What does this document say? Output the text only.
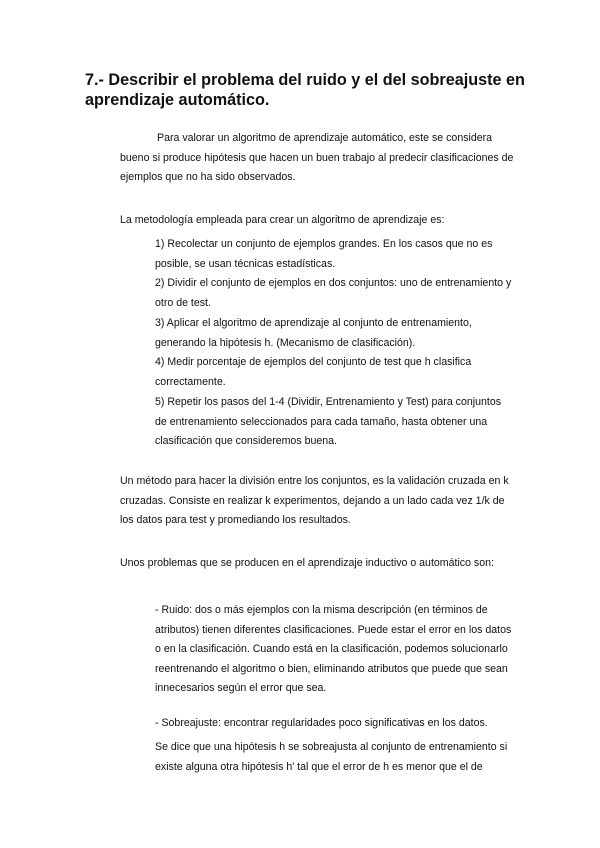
7.- Describir el problema del ruido y el del sobreajuste en aprendizaje automático.

Para valorar un algoritmo de aprendizaje automático, este se considera bueno si produce hipótesis que hacen un buen trabajo al predecir clasificaciones de ejemplos que no ha sido observados.

La metodología empleada para crear un algoritmo de aprendizaje es:

1) Recolectar un conjunto de ejemplos grandes. En los casos que no es posible, se usan técnicas estadísticas.

2) Dividir el conjunto de ejemplos en dos conjuntos: uno de entrenamiento y otro de test.

3) Aplicar el algoritmo de aprendizaje al conjunto de entrenamiento, generando la hipótesis h. (Mecanismo de clasificación).

4) Medir porcentaje de ejemplos del conjunto de test que h clasifica correctamente.

5) Repetir los pasos del 1-4 (Dividir, Entrenamiento y Test) para conjuntos de entrenamiento seleccionados para cada tamaño, hasta obtener una clasificación que consideremos buena.

Un método para hacer la división entre los conjuntos, es la validación cruzada en k cruzadas. Consiste en realizar k experimentos, dejando a un lado cada vez 1/k de los datos para test y promediando los resultados.

Unos problemas que se producen en el aprendizaje inductivo o automático son:

- Ruido: dos o más ejemplos con la misma descripción (en términos de atributos) tienen diferentes clasificaciones. Puede estar el error en los datos o en la clasificación. Cuando está en la clasificación, podemos solucionarlo reentrenando el algoritmo o bien, eliminando atributos que puede que sean innecesarios según el error que sea.

- Sobreajuste: encontrar regularidades poco significativas en los datos.

Se dice que una hipótesis h se sobreajusta al conjunto de entrenamiento si existe alguna otra hipótesis h' tal que el error de h es menor que el de
